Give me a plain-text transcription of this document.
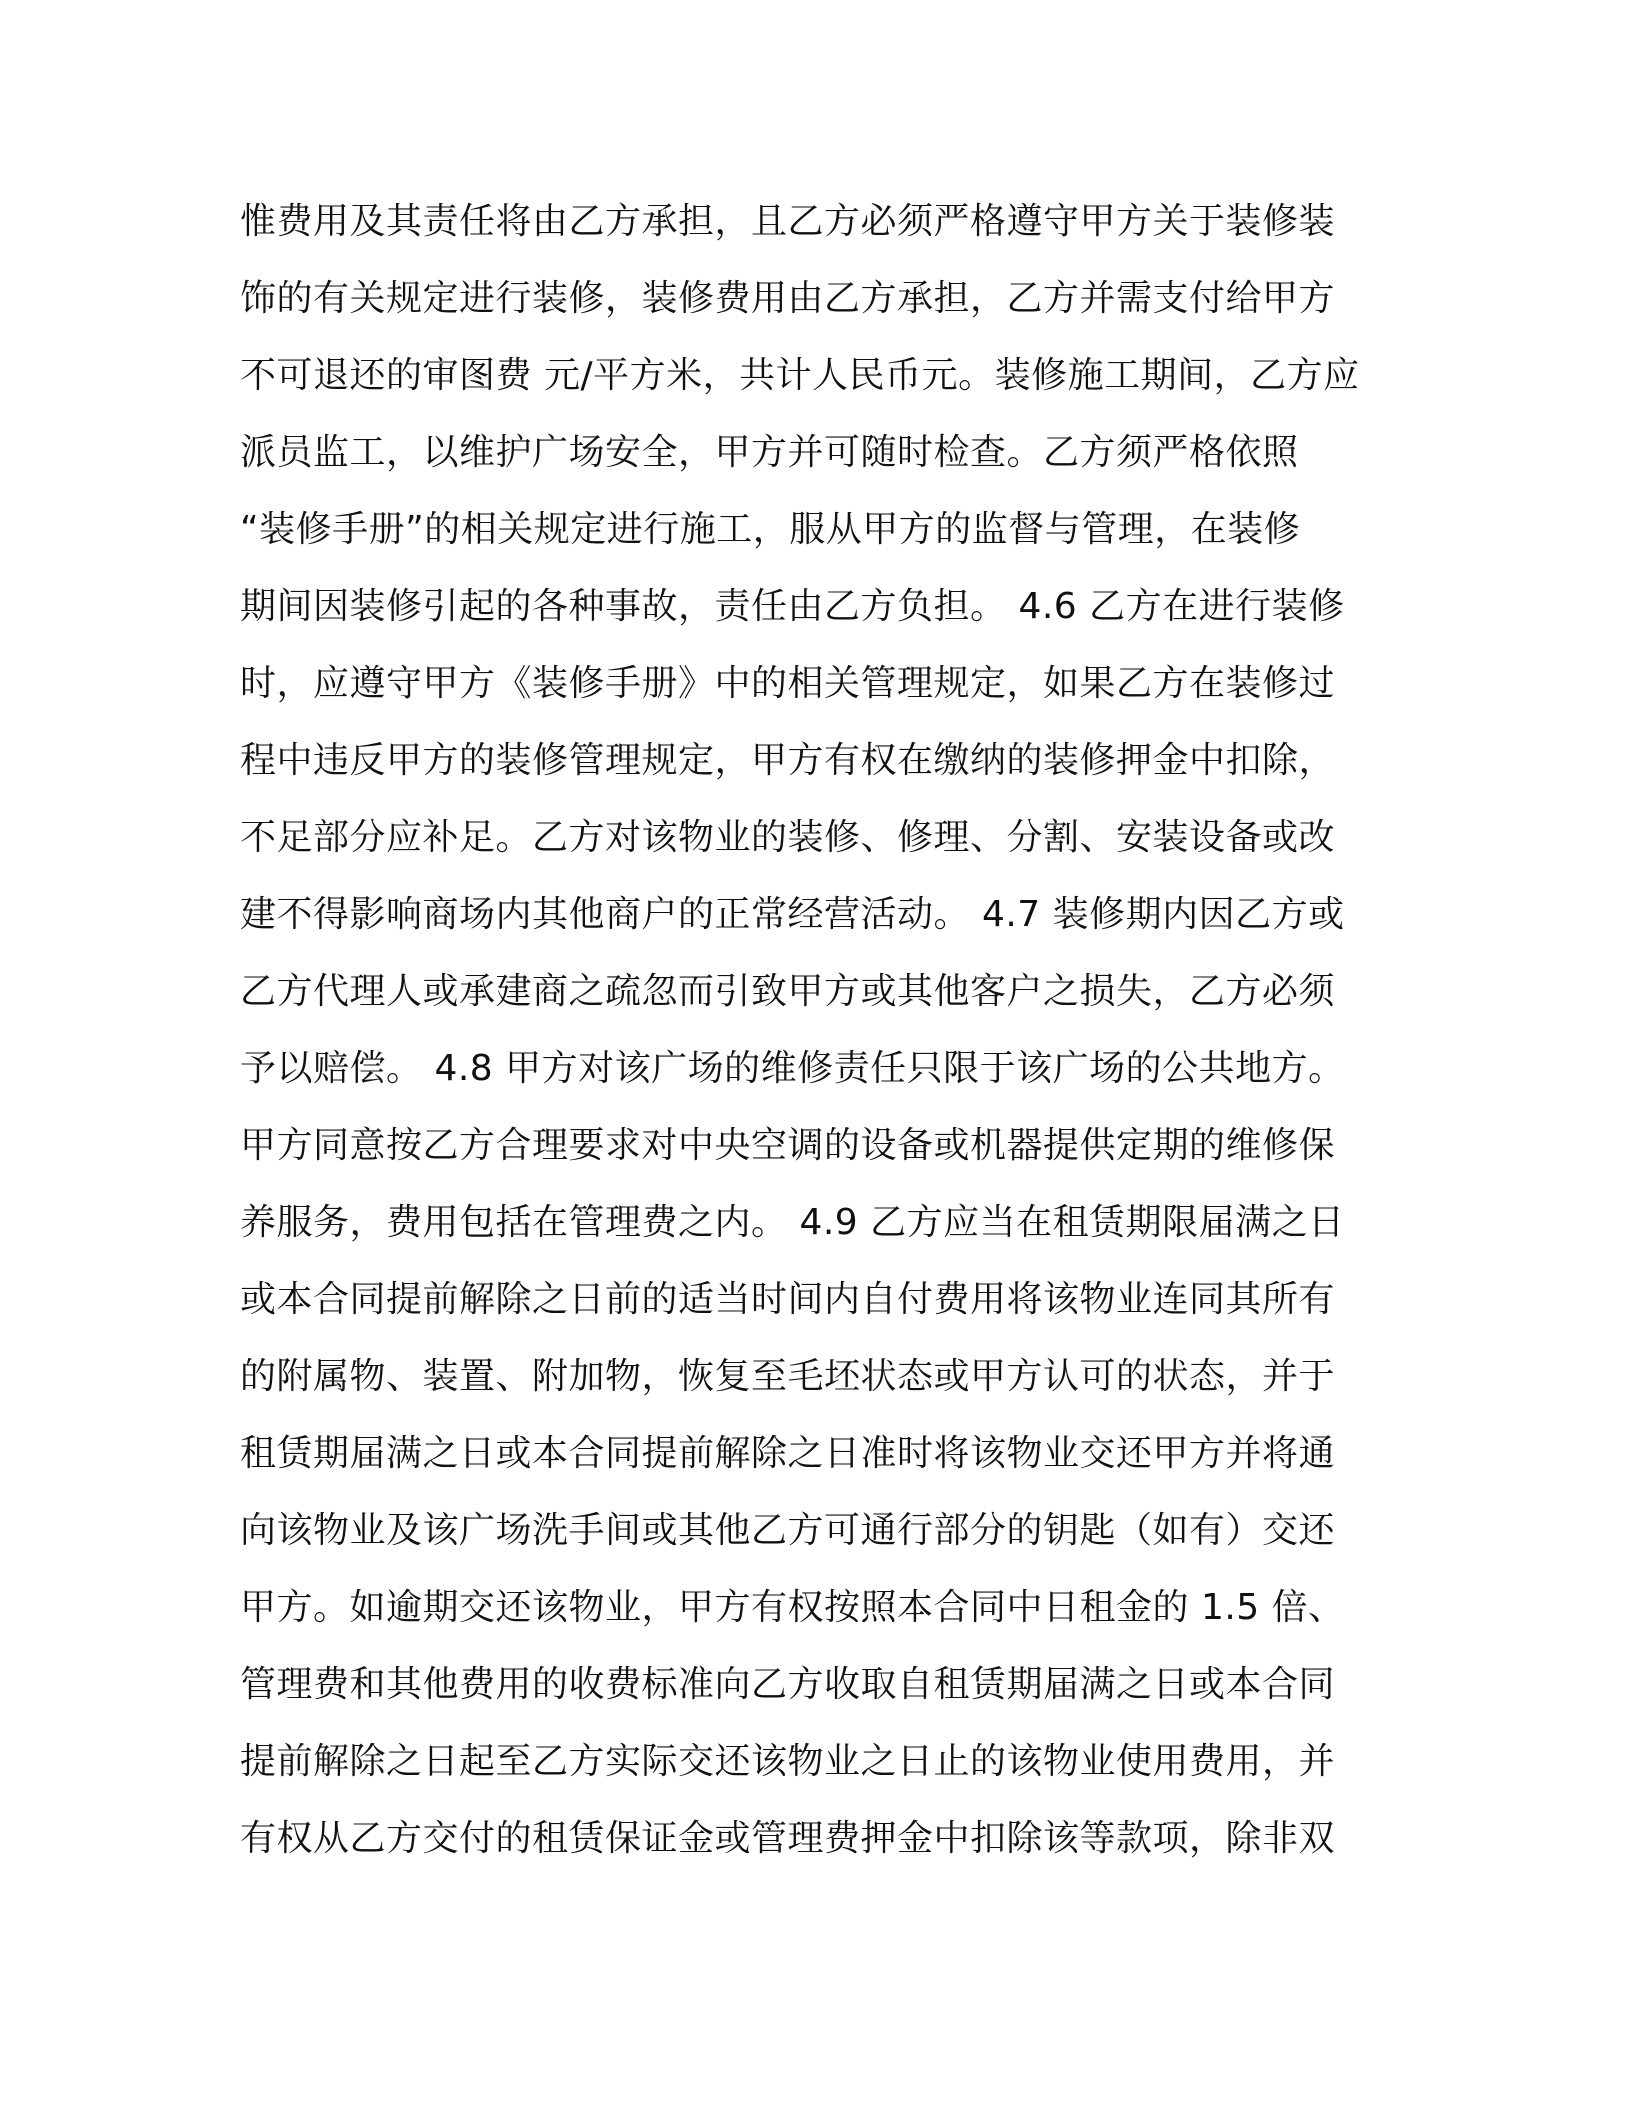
惟费用及其责任将由乙方承担，且乙方必须严格遵守甲方关于装修装
饰的有关规定进行装修，装修费用由乙方承担，乙方并需支付给甲方
不可退还的审图费 元/平方米，共计人民币元。装修施工期间，乙方应
派员监工，以维护广场安全，甲方并可随时检查。乙方须严格依照
“装修手册”的相关规定进行施工，服从甲方的监督与管理，在装修
期间因装修引起的各种事故，责任由乙方负担。 4.6 乙方在进行装修
时，应遵守甲方《装修手册》中的相关管理规定，如果乙方在装修过
程中违反甲方的装修管理规定，甲方有权在缴纳的装修押金中扣除，
不足部分应补足。乙方对该物业的装修、修理、分割、安装设备或改
建不得影响商场内其他商户的正常经营活动。 4.7 装修期内因乙方或
乙方代理人或承建商之疏忽而引致甲方或其他客户之损失，乙方必须
予以赔偿。 4.8 甲方对该广场的维修责任只限于该广场的公共地方。
甲方同意按乙方合理要求对中央空调的设备或机器提供定期的维修保
养服务，费用包括在管理费之内。 4.9 乙方应当在租赁期限届满之日
或本合同提前解除之日前的适当时间内自付费用将该物业连同其所有
的附属物、装置、附加物，恢复至毛坯状态或甲方认可的状态，并于
租赁期届满之日或本合同提前解除之日准时将该物业交还甲方并将通
向该物业及该广场洗手间或其他乙方可通行部分的钥匙（如有）交还
甲方。如逾期交还该物业，甲方有权按照本合同中日租金的 1.5 倍、
管理费和其他费用的收费标准向乙方收取自租赁期届满之日或本合同
提前解除之日起至乙方实际交还该物业之日止的该物业使用费用，并
有权从乙方交付的租赁保证金或管理费押金中扣除该等款项，除非双
